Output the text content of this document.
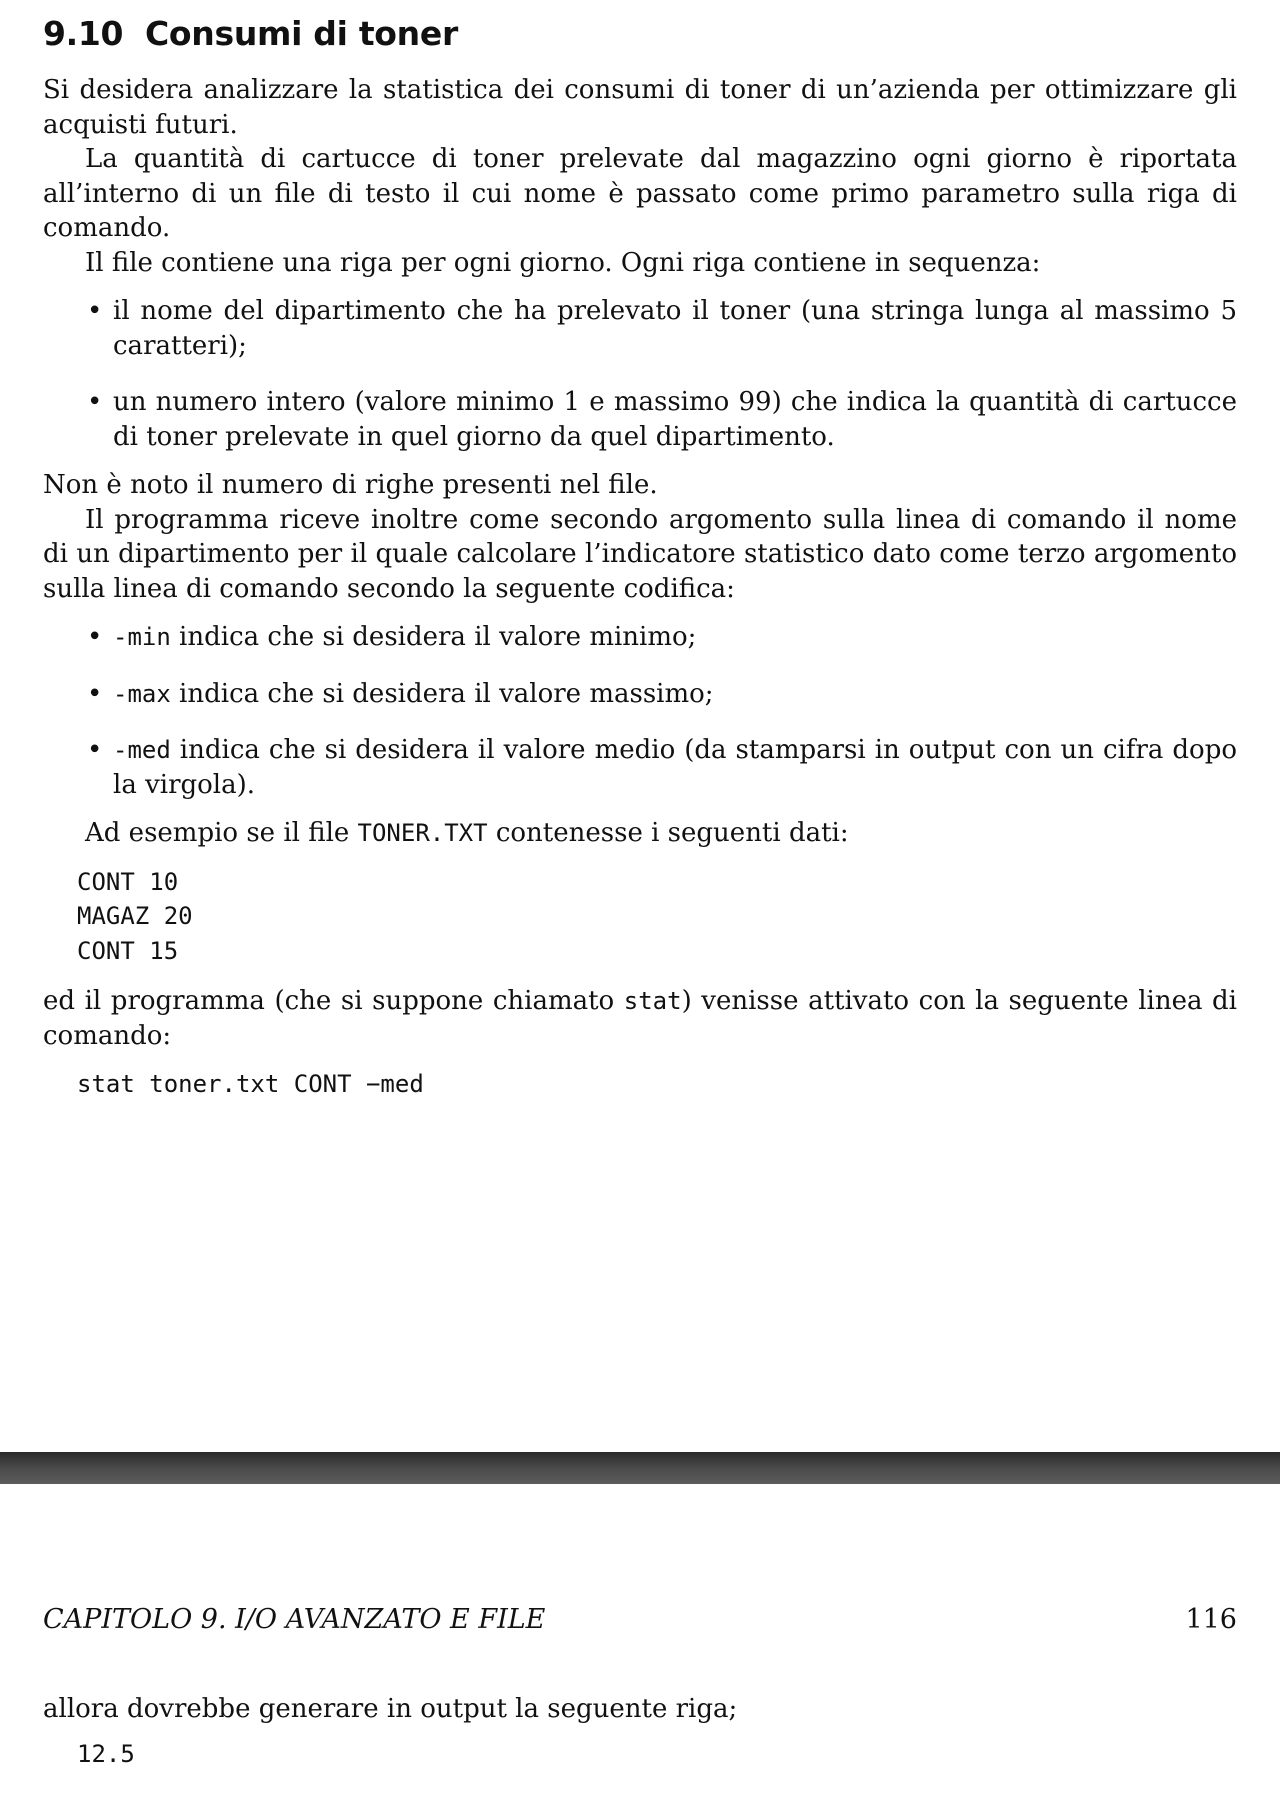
9.10 Consumi di toner

Si desidera analizzare la statistica dei consumi di toner di un’azienda per ottimizzare gli acquisti futuri.

La quantità di cartucce di toner prelevate dal magazzino ogni giorno è riportata all’interno di un file di testo il cui nome è passato come primo parametro sulla riga di comando.

Il file contiene una riga per ogni giorno. Ogni riga contiene in sequenza:

• il nome del dipartimento che ha prelevato il toner (una stringa lunga al massimo 5 caratteri);
• un numero intero (valore minimo 1 e massimo 99) che indica la quantità di cartucce di toner prelevate in quel giorno da quel dipartimento.

Non è noto il numero di righe presenti nel file.

Il programma riceve inoltre come secondo argomento sulla linea di comando il nome di un dipartimento per il quale calcolare l’indicatore statistico dato come terzo argomento sulla linea di comando secondo la seguente codifica:

• -min indica che si desidera il valore minimo;
• -max indica che si desidera il valore massimo;
• -med indica che si desidera il valore medio (da stamparsi in output con un cifra dopo la virgola).

Ad esempio se il file TONER.TXT contenesse i seguenti dati:

CONT 10
MAGAZ 20
CONT 15

ed il programma (che si suppone chiamato stat) venisse attivato con la seguente linea di comando:

stat toner.txt CONT −med
CAPITOLO 9. I/O AVANZATO E FILE	116

allora dovrebbe generare in output la seguente riga;

12.5
